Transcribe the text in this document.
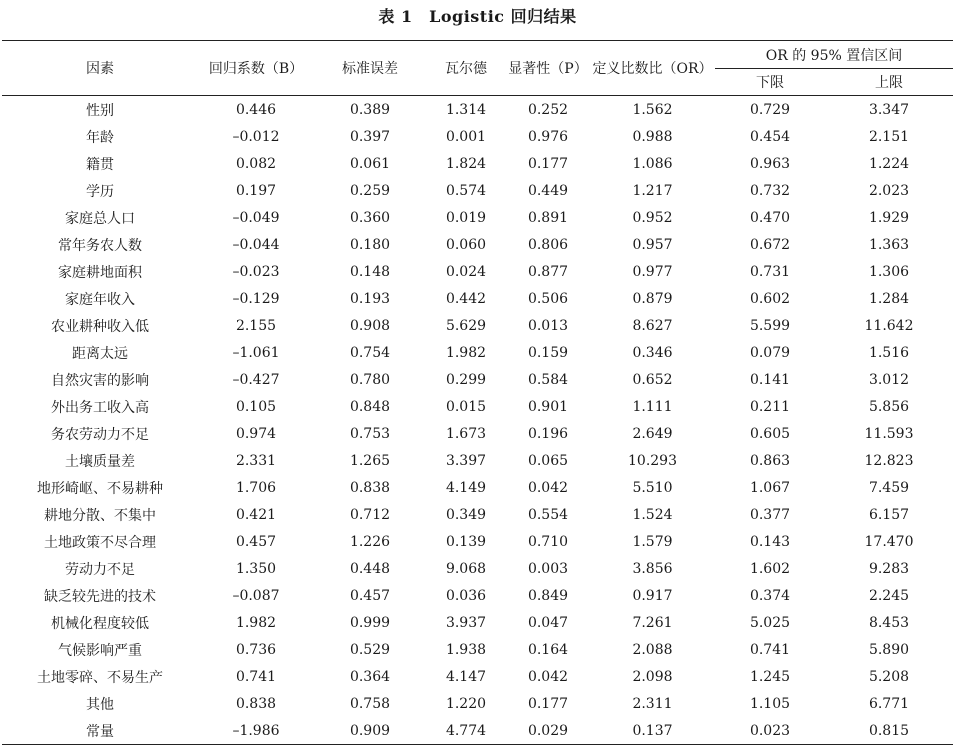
表 1　Logistic 回归结果
因素	回归系数（B）	标准误差	瓦尔德	显著性（P）	定义比数比（OR）	OR 的 95% 置信区间	
						下限	上限
性别	0.446	0.389	1.314	0.252	1.562	0.729	3.347
年龄	–0.012	0.397	0.001	0.976	0.988	0.454	2.151
籍贯	0.082	0.061	1.824	0.177	1.086	0.963	1.224
学历	0.197	0.259	0.574	0.449	1.217	0.732	2.023
家庭总人口	–0.049	0.360	0.019	0.891	0.952	0.470	1.929
常年务农人数	–0.044	0.180	0.060	0.806	0.957	0.672	1.363
家庭耕地面积	–0.023	0.148	0.024	0.877	0.977	0.731	1.306
家庭年收入	–0.129	0.193	0.442	0.506	0.879	0.602	1.284
农业耕种收入低	2.155	0.908	5.629	0.013	8.627	5.599	11.642
距离太远	–1.061	0.754	1.982	0.159	0.346	0.079	1.516
自然灾害的影响	–0.427	0.780	0.299	0.584	0.652	0.141	3.012
外出务工收入高	0.105	0.848	0.015	0.901	1.111	0.211	5.856
务农劳动力不足	0.974	0.753	1.673	0.196	2.649	0.605	11.593
土壤质量差	2.331	1.265	3.397	0.065	10.293	0.863	12.823
地形崎岖、不易耕种	1.706	0.838	4.149	0.042	5.510	1.067	7.459
耕地分散、不集中	0.421	0.712	0.349	0.554	1.524	0.377	6.157
土地政策不尽合理	0.457	1.226	0.139	0.710	1.579	0.143	17.470
劳动力不足	1.350	0.448	9.068	0.003	3.856	1.602	9.283
缺乏较先进的技术	–0.087	0.457	0.036	0.849	0.917	0.374	2.245
机械化程度较低	1.982	0.999	3.937	0.047	7.261	5.025	8.453
气候影响严重	0.736	0.529	1.938	0.164	2.088	0.741	5.890
土地零碎、不易生产	0.741	0.364	4.147	0.042	2.098	1.245	5.208
其他	0.838	0.758	1.220	0.177	2.311	1.105	6.771
常量	–1.986	0.909	4.774	0.029	0.137	0.023	0.815
